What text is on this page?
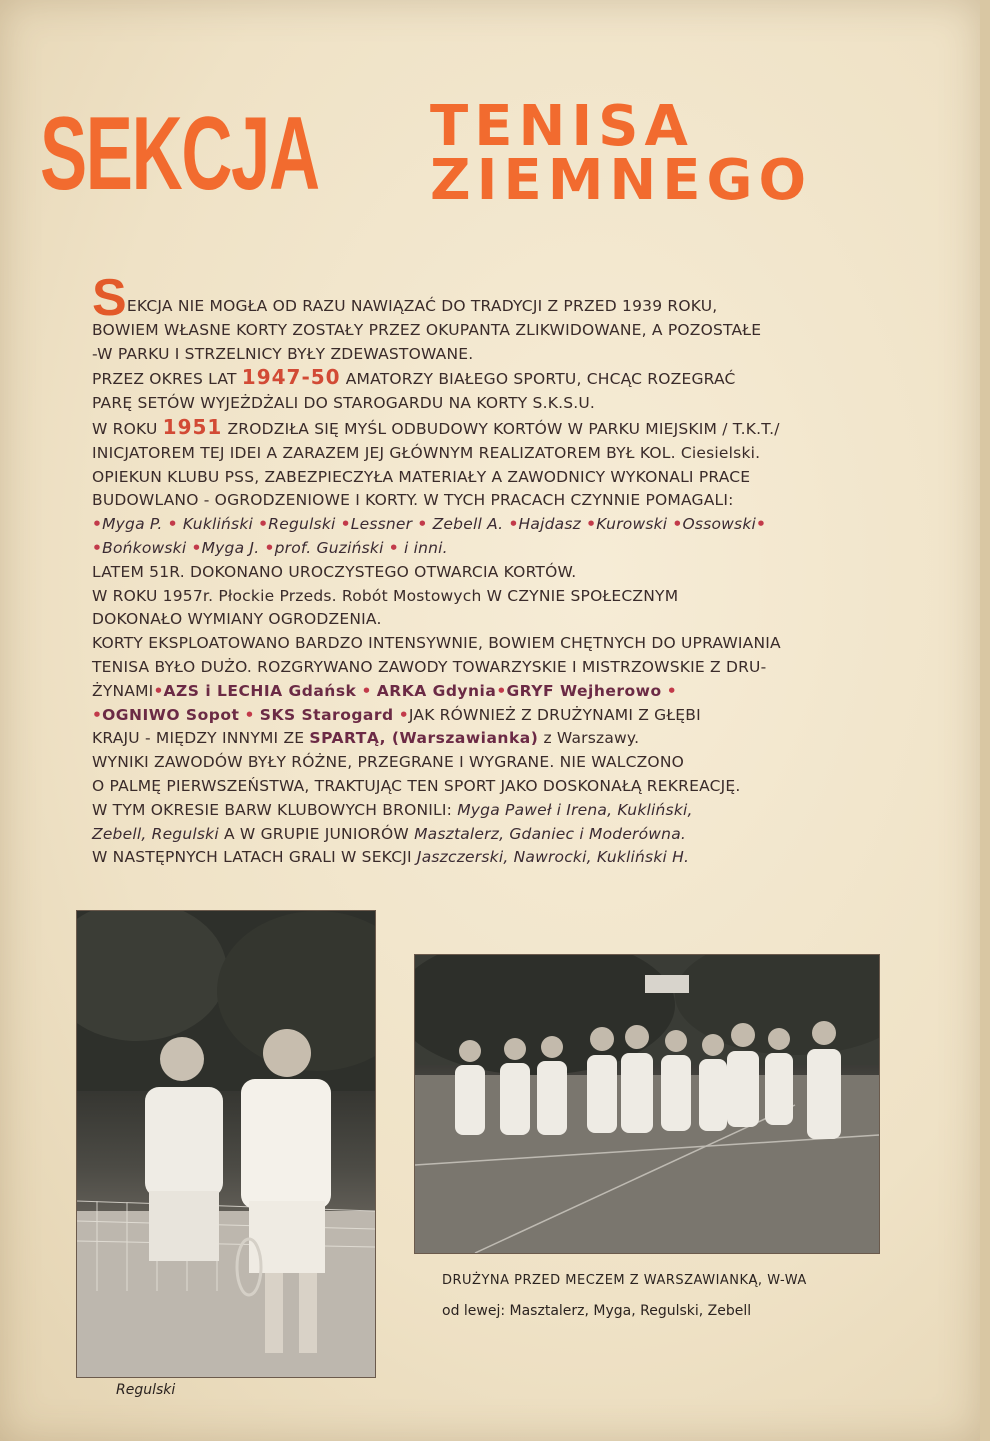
SEKCJA TENISA
ZIEMNEGO
SEKCJA NIE MOGŁA OD RAZU NAWIĄZAĆ DO TRADYCJI Z PRZED 1939 ROKU,
BOWIEM WŁASNE KORTY ZOSTAŁY PRZEZ OKUPANTA ZLIKWIDOWANE, A POZOSTAŁE
-W PARKU I STRZELNICY BYŁY ZDEWASTOWANE.
PRZEZ OKRES LAT 1947-50 AMATORZY BIAŁEGO SPORTU, CHCĄC ROZEGRAĆ
PARĘ SETÓW WYJEŻDŻALI DO STAROGARDU NA KORTY S.K.S.U.
W ROKU 1951 ZRODZIŁA SIĘ MYŚL ODBUDOWY KORTÓW W PARKU MIEJSKIM / T.K.T./
INICJATOREM TEJ IDEI A ZARAZEM JEJ GŁÓWNYM REALIZATOREM BYŁ KOL. Ciesielski.
OPIEKUN KLUBU PSS, ZABEZPIECZYŁA MATERIAŁY A ZAWODNICY WYKONALI PRACE
BUDOWLANO - OGRODZENIOWE I KORTY. W TYCH PRACACH CZYNNIE POMAGALI:
•Myga P. • Kukliński •Regulski •Lessner • Zebell A. •Hajdasz •Kurowski •Ossowski•
•Bońkowski •Myga J. •prof. Guziński • i inni.
LATEM 51R. DOKONANO UROCZYSTEGO OTWARCIA KORTÓW.
W ROKU 1957r. Płockie Przeds. Robót Mostowych W CZYNIE SPOŁECZNYM
DOKONAŁO WYMIANY OGRODZENIA.
KORTY EKSPLOATOWANO BARDZO INTENSYWNIE, BOWIEM CHĘTNYCH DO UPRAWIANIA
TENISA BYŁO DUŻO. ROZGRYWANO ZAWODY TOWARZYSKIE I MISTRZOWSKIE Z DRU-
ŻYNAMI•AZS i LECHIA Gdańsk • ARKA Gdynia•GRYF Wejherowo •
•OGNIWO Sopot • SKS Starogard •JAK RÓWNIEŻ Z DRUŻYNAMI Z GŁĘBI
KRAJU - MIĘDZY INNYMI ZE SPARTĄ, (Warszawianka) z Warszawy.
WYNIKI ZAWODÓW BYŁY RÓŻNE, PRZEGRANE I WYGRANE. NIE WALCZONO
O PALMĘ PIERWSZEŃSTWA, TRAKTUJĄC TEN SPORT JAKO DOSKONAŁĄ REKREACJĘ.
W TYM OKRESIE BARW KLUBOWYCH BRONILI: Myga Paweł i Irena, Kukliński,
Zebell, Regulski A W GRUPIE JUNIORÓW Masztalerz, Gdaniec i Moderówna.
W NASTĘPNYCH LATACH GRALI W SEKCJI Jaszczerski, Nawrocki, Kukliński H.
Regulski
DRUŻYNA PRZED MECZEM Z WARSZAWIANKĄ, W-WA
od lewej: Masztalerz, Myga, Regulski, Zebell
